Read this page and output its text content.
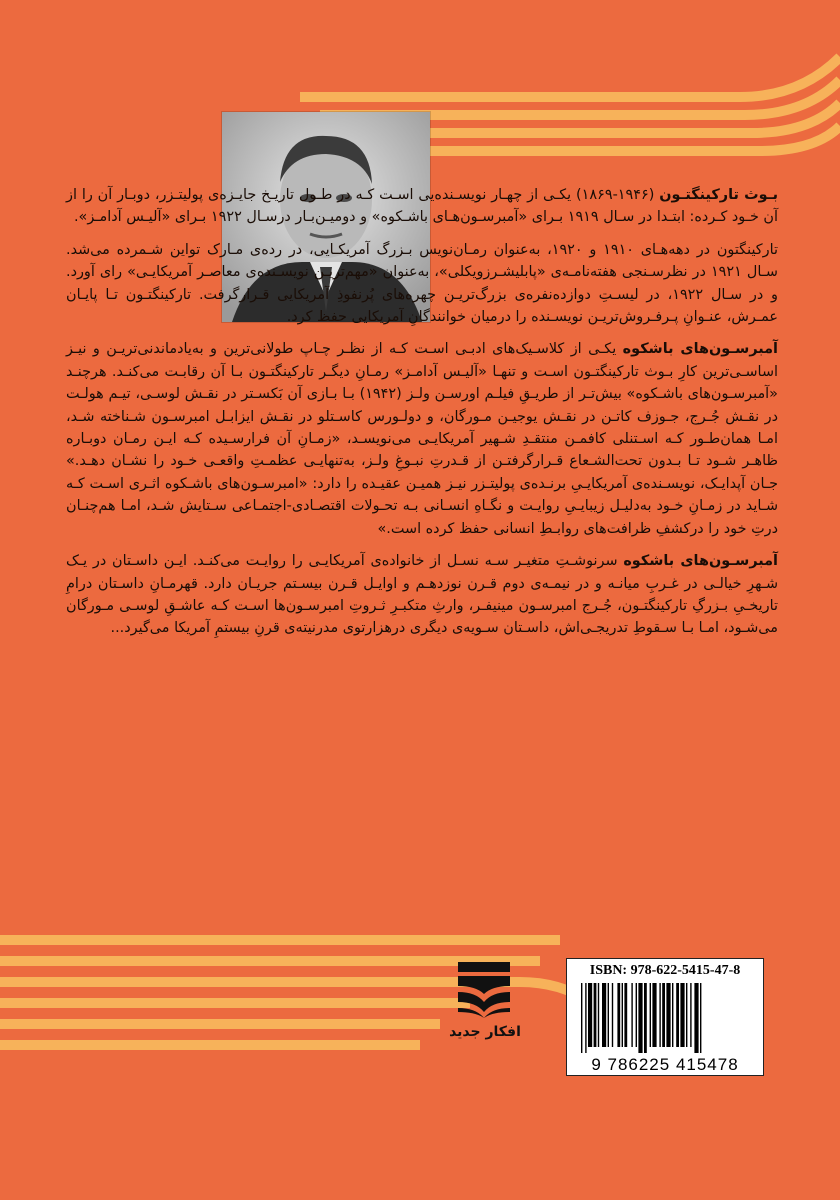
بـوث تارکینگتـون (۱۹۴۶-۱۸۶۹) یکـی از چهـار نویسـنده‌یی اسـت کـه در طـول تاریـخ جایـزه‌ی پولیتـزر، دوبـار آن را از آن خـود کـرده: ابتـدا در سـال ۱۹۱۹ بـرای «آمبرسـون‌هـای باشـکوه» و دومیـن‌بـار در‌سـال ۱۹۲۲ بـرای «آلیـس آدامـز».

تارکینگتون در دهه‌هـای ۱۹۱۰ و ۱۹۲۰، به‌عنوان رمـان‌نویس بـزرگ آمریکـایی، در رده‌ی مـارک تواین شـمرده می‌شد. سـال ۱۹۲۱ در نظرسـنجی هفته‌نامـه‌ی «پابلیشـرز‌ویکلی»، به‌عنوان «مهم‌تریـن نویسـنده‌ی معاصـر آمریکایـی» رای آورد. و در سـال ۱۹۲۲، در لیسـتِ دوازده‌نفره‌ی بزرگ‌تریـن چهره‌های پُرنفوذِ آمریکایی قـرار‌گرفت. تارکینگتـون تـا پایـان عمـرش، عنـوانِ پـرفـروش‌تریـن نویسـنده را در‌میان خوانندگانِ آمریکایی حفظ کرد.

آمبرسـون‌های باشکوه یکـی از کلاسـیک‌های ادبـی اسـت کـه از نظـر چـاپ طولانی‌ترین و به‌یادماندنی‌تریـن و نیـز اساسـی‌ترین کارِ بـوث تارکینگتـون اسـت و تنهـا «آلیـس آدامـز» رمـانِ دیگـر تارکینگتـون بـا آن رقابـت می‌کنـد. هرچنـد «آمبرسـون‌های باشـکوه» بیش‌تـر از طریـقِ فیلـم اورسـن ولـز (۱۹۴۲) بـا بـازی آن بَکسـتر در نقـش لوسـی، تیـم هولـت در نقـش جُـرج، جـوزف کاتـن در نقـش یوجیـن مـورگان، و دولـورس کاسـتلو در نقـش ایزابـل امبرسـون شـناخته شـد، امـا همان‌طـور کـه اسـتنلی کافمـن منتقـدِ شـهیر آمریکایـی می‌نویسـد، «زمـانِ آن فرارسـیده کـه ایـن رمـان دوبـاره ظاهـر شـود تـا بـدون تحت‌الشـعاع قـرار‌گرفتـن از قـدرتِ نبـوغِ ولـز، به‌تنهایـی عظمـتِ واقعـی خـود را نشـان دهـد.» جـان آپدایـک، نویسـنده‌ی آمریکایـیِ برنـده‌ی پولیتـزر نیـز همیـن عقیـده را دارد: «امبرسـون‌های باشـکوه اثـری اسـت کـه شـاید در زمـانِ خـود به‌دلیـل زیبایـیِ روایـت و نگـاهِ انسـانی بـه تحـولات اقتصـادی-اجتمـاعی سـتایش شـد، امـا هم‌چنـان درتِ خود را در‌کشفِ ظرافت‌های روابـطِ انسانی حفظ کرده است.»

آمبرسـون‌های باشکوه سرنوشـتِ متغیـر سـه نسـل از خانواده‌ی آمریکایـی را روایـت می‌کنـد. ایـن داسـتان در یـک شـهرِ خیالـی در غـربِ میانـه و در نیمـه‌ی دوم قـرن نوزدهـم و اوایـل قـرن بیسـتم جریـان دارد. قهرمـانِ داسـتان درامِ تاریخـیِ بـزرگِ تارکینگتـون، جُـرج امبرسـون مینیفـر، وارثِ متکبـرِ ثـروتِ امبرسـون‌ها اسـت کـه عاشـقِ لوسـی مـورگان می‌شـود، امـا بـا سـقوطِ تدریجـی‌اش، داسـتان سـویه‌ی دیگری در‌هزارتوی مدرنیته‌ی قرنِ بیستمِ آمریکا می‌گیرد...

افکار جدید
ISBN: 978-622-5415-47-8
9 786225 415478
